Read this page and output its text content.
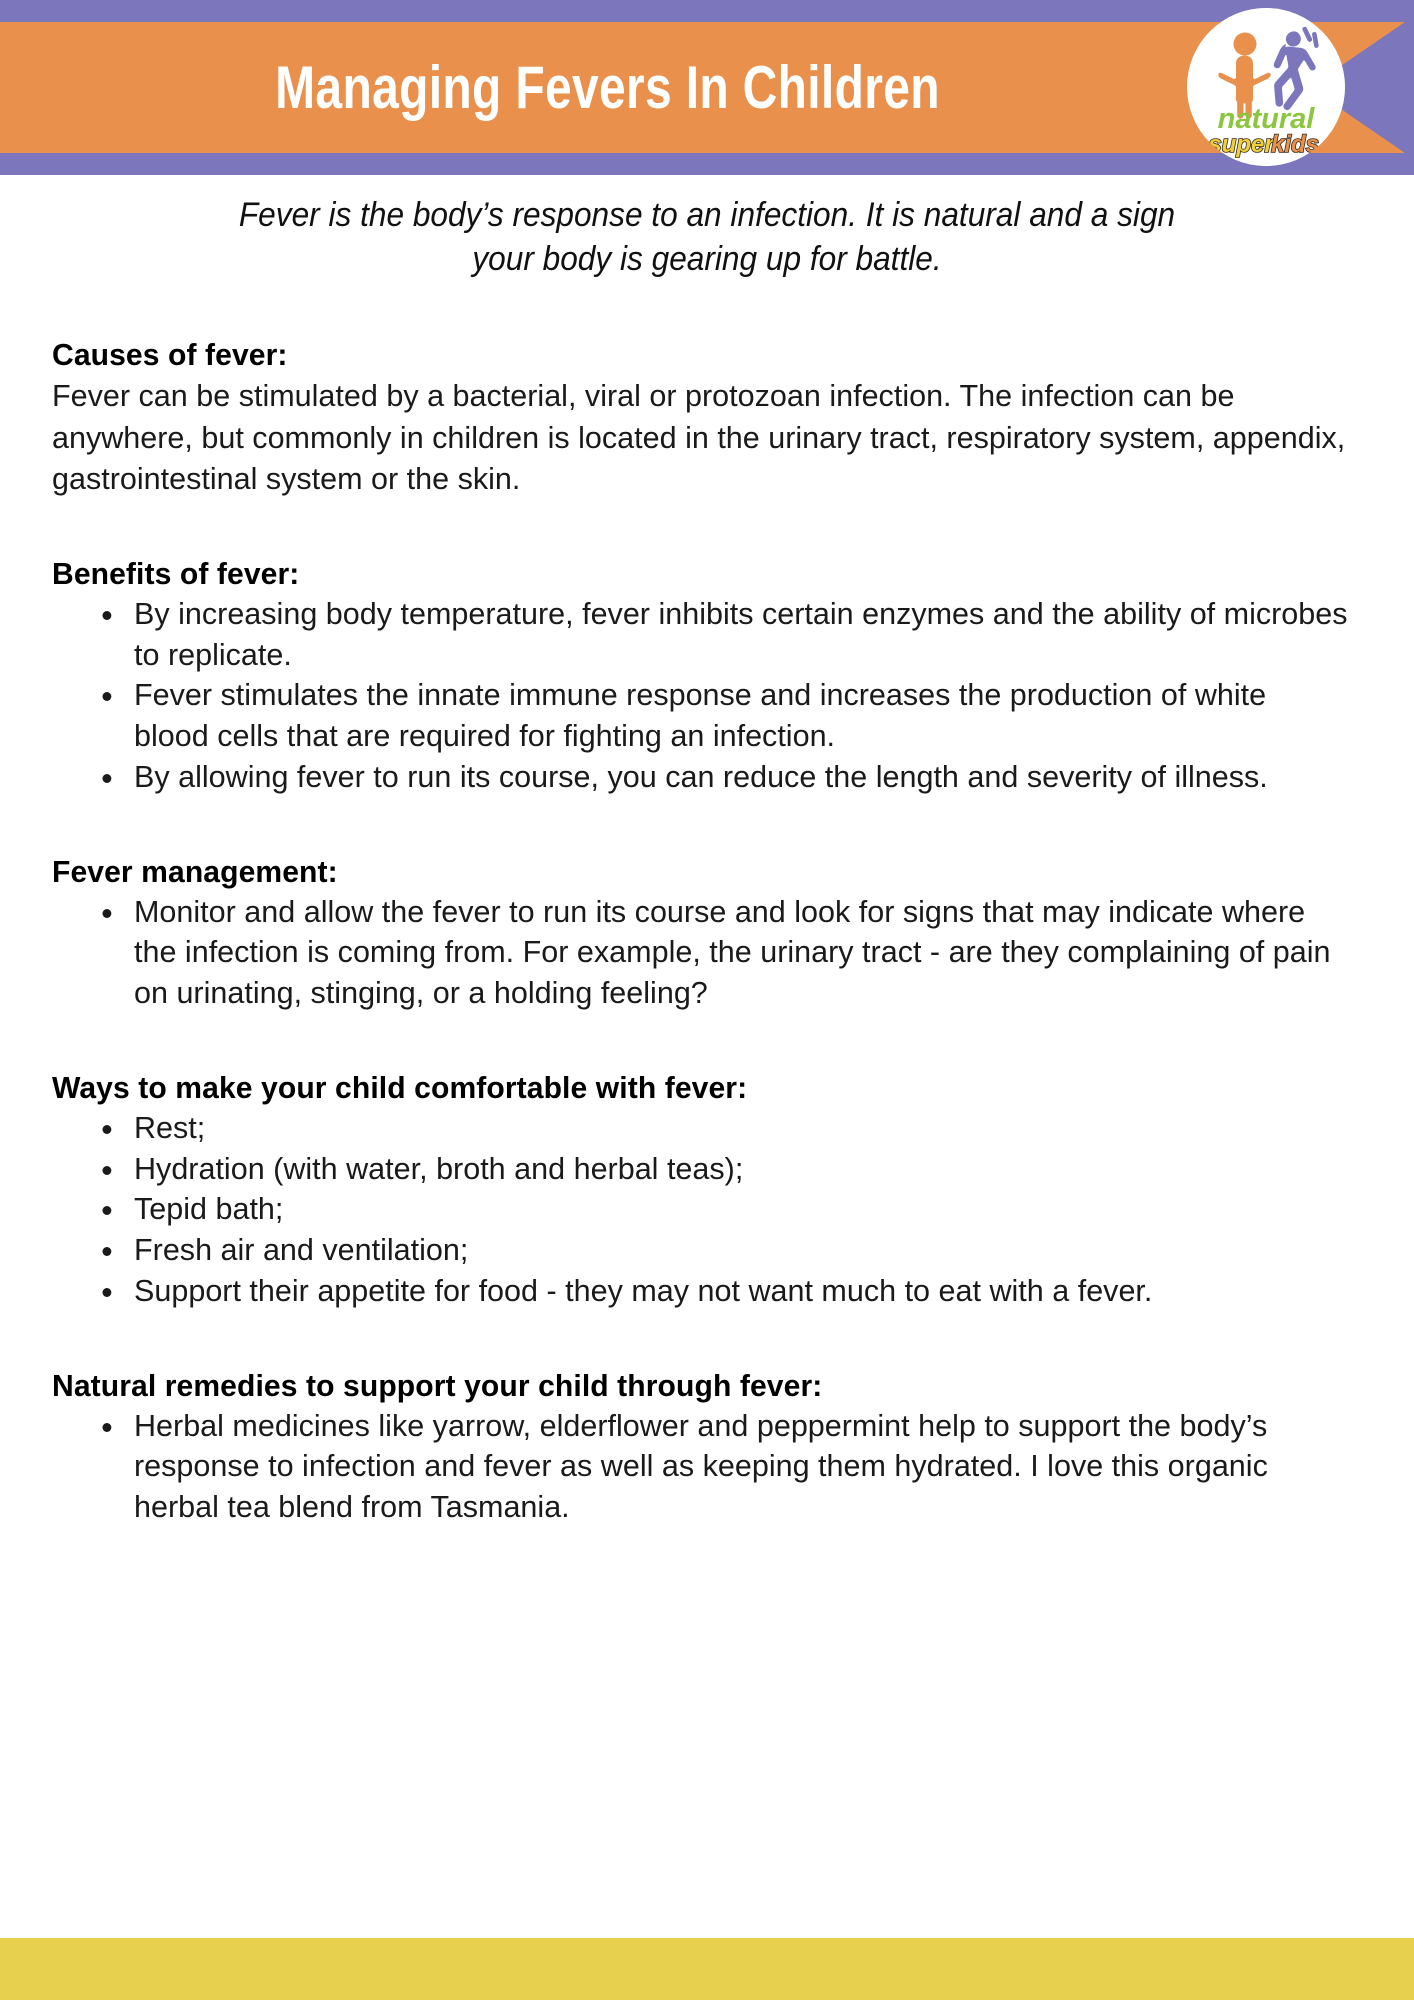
Managing Fevers In Children	natural
super
kids
Fever is the body’s response to an infection. It is natural and a sign
your body is gearing up for battle.
Causes of fever:

Fever can be stimulated by a bacterial, viral or protozoan infection. The infection can be anywhere, but commonly in children is located in the urinary tract, respiratory system, appendix, gastrointestinal system or the skin.

Benefits of fever:
By increasing body temperature, fever inhibits certain enzymes and the ability of microbes to replicate.
Fever stimulates the innate immune response and increases the production of white blood cells that are required for fighting an infection.
By allowing fever to run its course, you can reduce the length and severity of illness.
Fever management:
Monitor and allow the fever to run its course and look for signs that may indicate where the infection is coming from. For example, the urinary tract - are they complaining of pain on urinating, stinging, or a holding feeling?
Ways to make your child comfortable with fever:
Rest;
Hydration (with water, broth and herbal teas);
Tepid bath;
Fresh air and ventilation;
Support their appetite for food - they may not want much to eat with a fever.
Natural remedies to support your child through fever:
Herbal medicines like yarrow, elderflower and peppermint help to support the body’s response to infection and fever as well as keeping them hydrated. I love this organic herbal tea blend from Tasmania.
